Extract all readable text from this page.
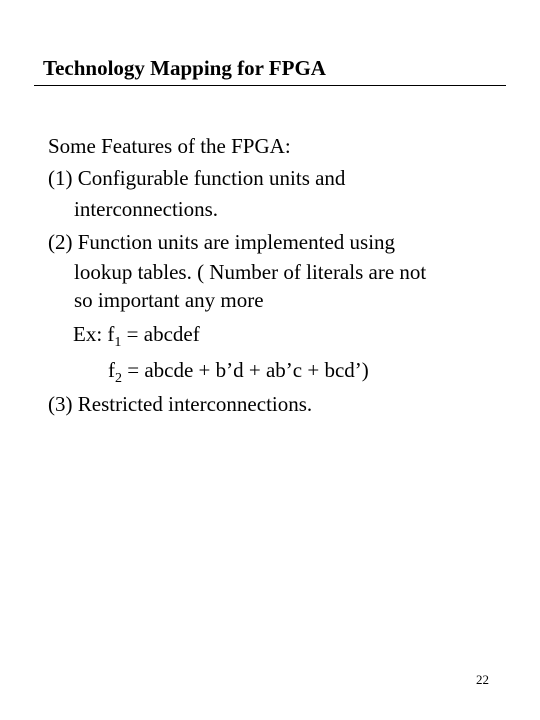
Technology Mapping for FPGA
Some Features of the FPGA:
(1) Configurable function units and
interconnections.
(2) Function units are implemented using
lookup tables. ( Number of literals are not
so important any more
Ex: $f_1$ = abcdef
$f_2$ = abcde + b’d + ab’c + bcd’)
(3) Restricted interconnections.
22
